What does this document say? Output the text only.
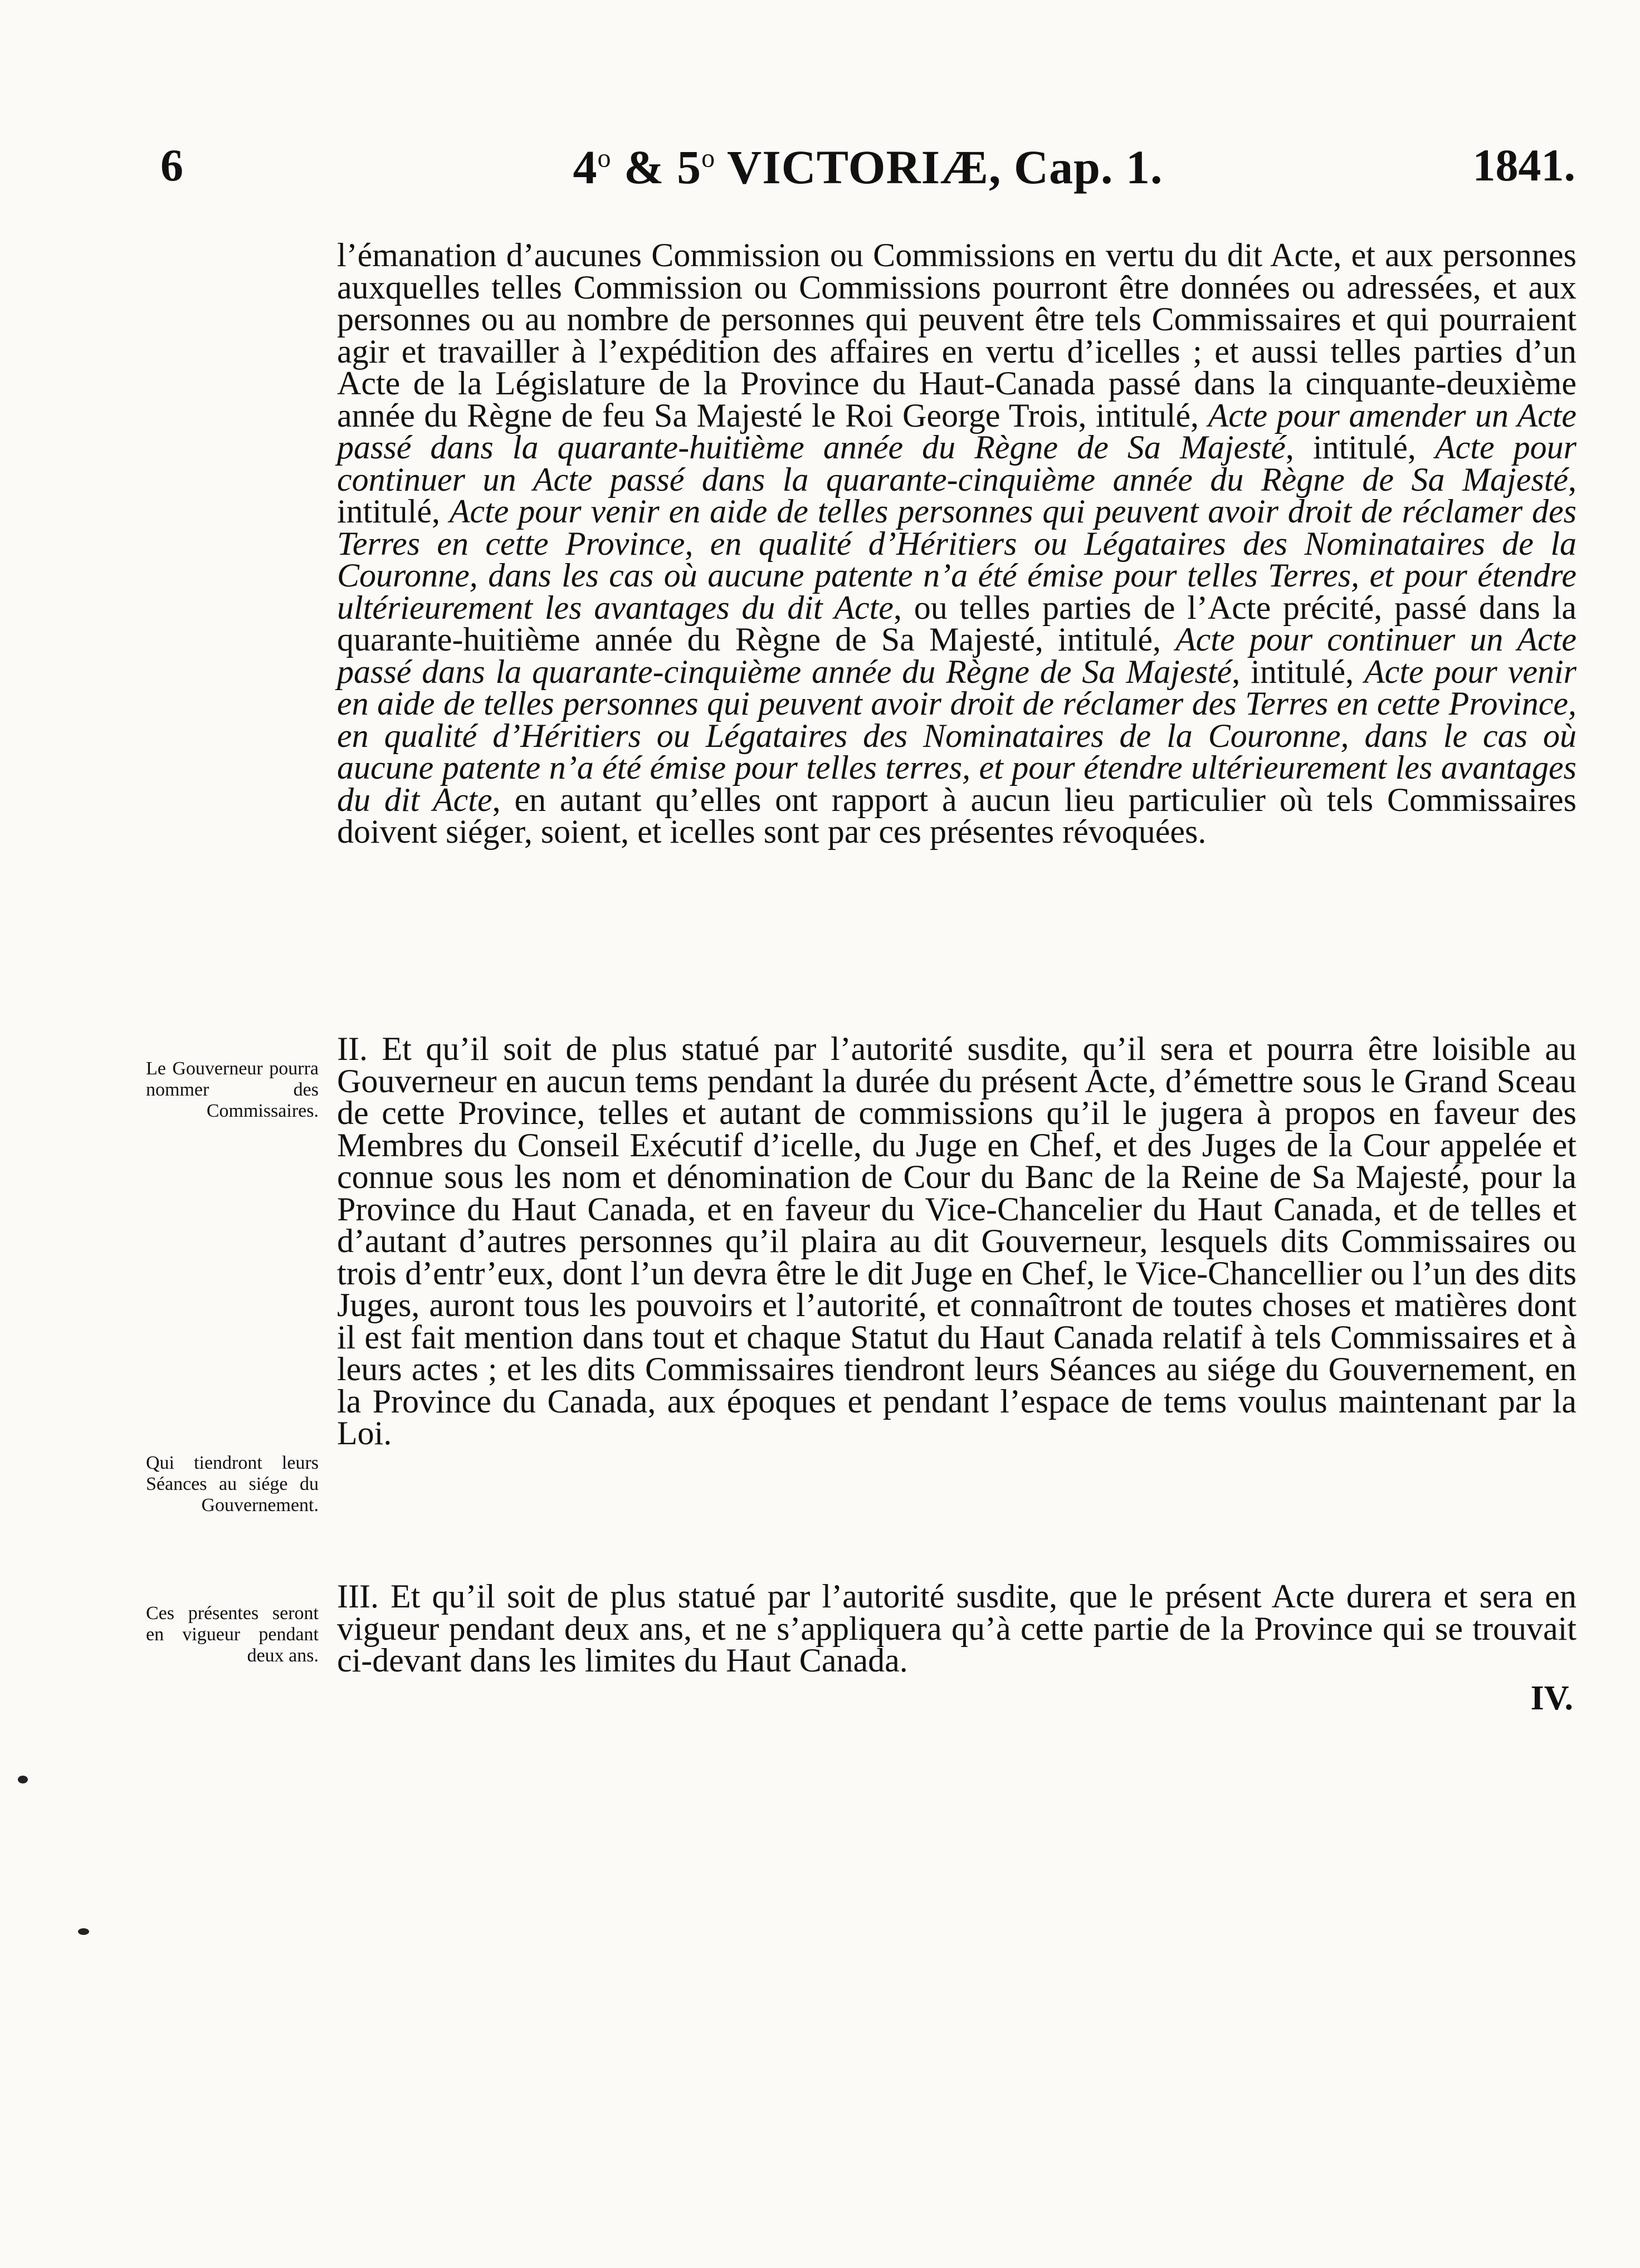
6	4$^o$ & 5$^o$ VICTORIÆ, Cap. 1.	1841.

l’émanation d’aucunes Commission ou Commissions en vertu du dit Acte, et aux personnes auxquelles telles Commission ou Commissions pourront être données ou adressées, et aux personnes ou au nombre de personnes qui peuvent être tels Commissaires et qui pourraient agir et travailler à l’expédition des affaires en vertu d’icelles ; et aussi telles parties d’un Acte de la Législature de la Province du Haut-Canada passé dans la cinquante-deuxième année du Règne de feu Sa Majesté le Roi George Trois, intitulé, Acte pour amender un Acte passé dans la quarante-huitième année du Règne de Sa Majesté, intitulé, Acte pour continuer un Acte passé dans la quarante-cinquième année du Règne de Sa Majesté, intitulé, Acte pour venir en aide de telles personnes qui peuvent avoir droit de réclamer des Terres en cette Province, en qualité d’Héritiers ou Légataires des Nominataires de la Couronne, dans les cas où aucune patente n’a été émise pour telles Terres, et pour étendre ultérieurement les avantages du dit Acte, ou telles parties de l’Acte précité, passé dans la quarante-huitième année du Règne de Sa Majesté, intitulé, Acte pour continuer un Acte passé dans la quarante-cinquième année du Règne de Sa Majesté, intitulé, Acte pour venir en aide de telles personnes qui peuvent avoir droit de réclamer des Terres en cette Province, en qualité d’Héritiers ou Légataires des Nominataires de la Couronne, dans le cas où aucune patente n’a été émise pour telles terres, et pour étendre ultérieurement les avantages du dit Acte, en autant qu’elles ont rapport à aucun lieu particulier où tels Commissaires doivent siéger, soient, et icelles sont par ces présentes révoquées.

Le Gouverneur pourra nommer des Commissaires.

II. Et qu’il soit de plus statué par l’autorité susdite, qu’il sera et pourra être loisible au Gouverneur en aucun tems pendant la durée du présent Acte, d’émettre sous le Grand Sceau de cette Province, telles et autant de commissions qu’il le jugera à propos en faveur des Membres du Conseil Exécutif d’icelle, du Juge en Chef, et des Juges de la Cour appelée et connue sous les nom et dénomination de Cour du Banc de la Reine de Sa Majesté, pour la Province du Haut Canada, et en faveur du Vice-Chancelier du Haut Canada, et de telles et d’autant d’autres personnes qu’il plaira au dit Gouverneur, lesquels dits Commissaires ou trois d’entr’eux, dont l’un devra être le dit Juge en Chef, le Vice-Chancellier ou l’un des dits Juges, auront tous les pouvoirs et l’autorité, et connaîtront de toutes choses et matières dont il est fait mention dans tout et chaque Statut du Haut Canada relatif à tels Commissaires et à leurs actes ; et les dits Commissaires tiendront leurs Séances au siége du Gouvernement, en la Province du Canada, aux époques et pendant l’espace de tems voulus maintenant par la Loi.

Qui tiendront leurs Séances au siége du Gouvernement.
Ces présentes seront en vigueur pendant deux ans.

III. Et qu’il soit de plus statué par l’autorité susdite, que le présent Acte durera et sera en vigueur pendant deux ans, et ne s’appliquera qu’à cette partie de la Province qui se trouvait ci-devant dans les limites du Haut Canada.

IV.
